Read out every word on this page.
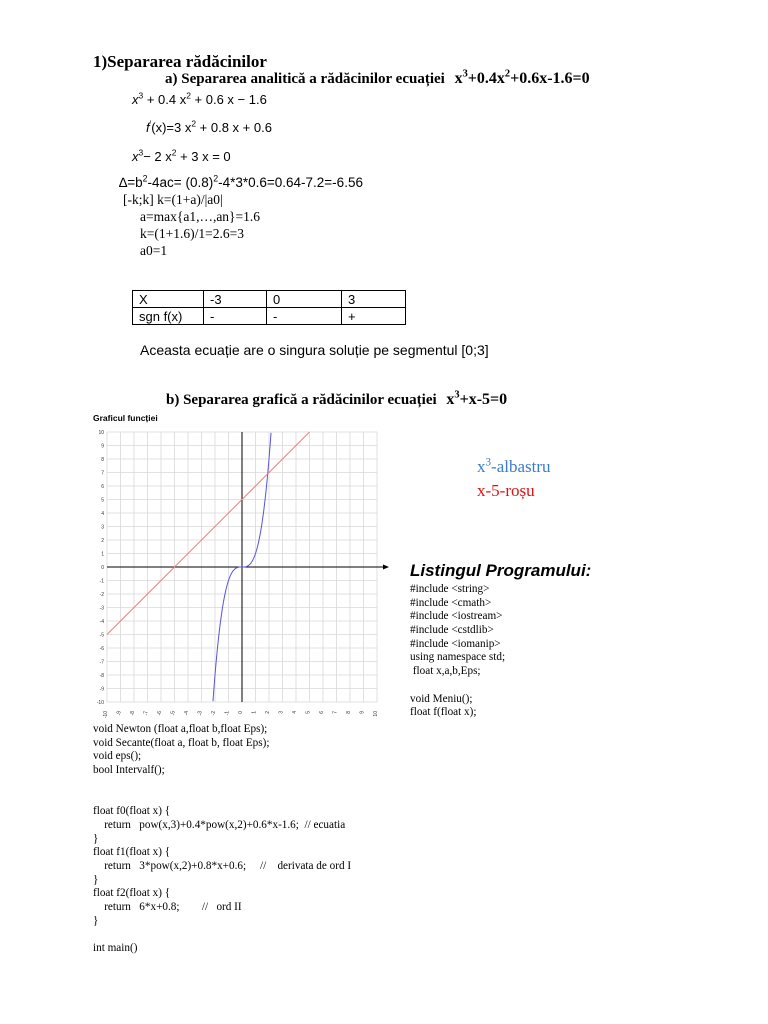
1)Separarea rădăcinilor
a) Separarea analitică a rădăcinilor ecuației $x^3+0.4x^2+0.6x-1.6=0$
$x^3 + 0.4$ $x^2 + 0.6$ x − 1.6
f'(x)=3 $x^2 + 0.8$ x + 0.6
$x^3- 2$ $x^2 + 3$ x = 0
$\Delta=b^2-4ac= (0.8)^2-4*3*0.6=0.64-7.2=-6.56$
[-k;k] k=(1+a)/|a0|
a=max{a1,…,an}=1.6
k=(1+1.6)/1=2.6=3
a0=1
X	-3	0	3
sgn f(x)	-	-	+
Aceasta ecuație are o singura soluție pe segmentul [0;3]
b) Separarea grafică a rădăcinilor ecuației $x^3+x-5=0$
Graficul funcției
-10 -9 -8 -7 -6 -5 -4 -3 -2 -1 0 1 2 3 4 5 6 7 8 9 10
-10
-9
-8
-7
-6
-5
-4
-3
-2
-1
0
1
2
3
4
5
6
7
8
9
10
$x^3$-albastru
x-5-roșu
Listingul Programului:
#include <string>
#include <cmath>
#include <iostream>
#include <cstdlib>
#include <iomanip>
using namespace std;
float x,a,b,Eps;
void Meniu();
float f(float x);
void Newton (float a,float b,float Eps);
void Secante(float a, float b, float Eps);
void eps();
bool Intervalf();
float f0(float x) {
return   pow(x,3)+0.4*pow(x,2)+0.6*x-1.6;  // ecuatia
}
float f1(float x) {
return   3*pow(x,2)+0.8*x+0.6;     //    derivata de ord I
}
float f2(float x) {
return   6*x+0.8;        //   ord II
}
int main()
